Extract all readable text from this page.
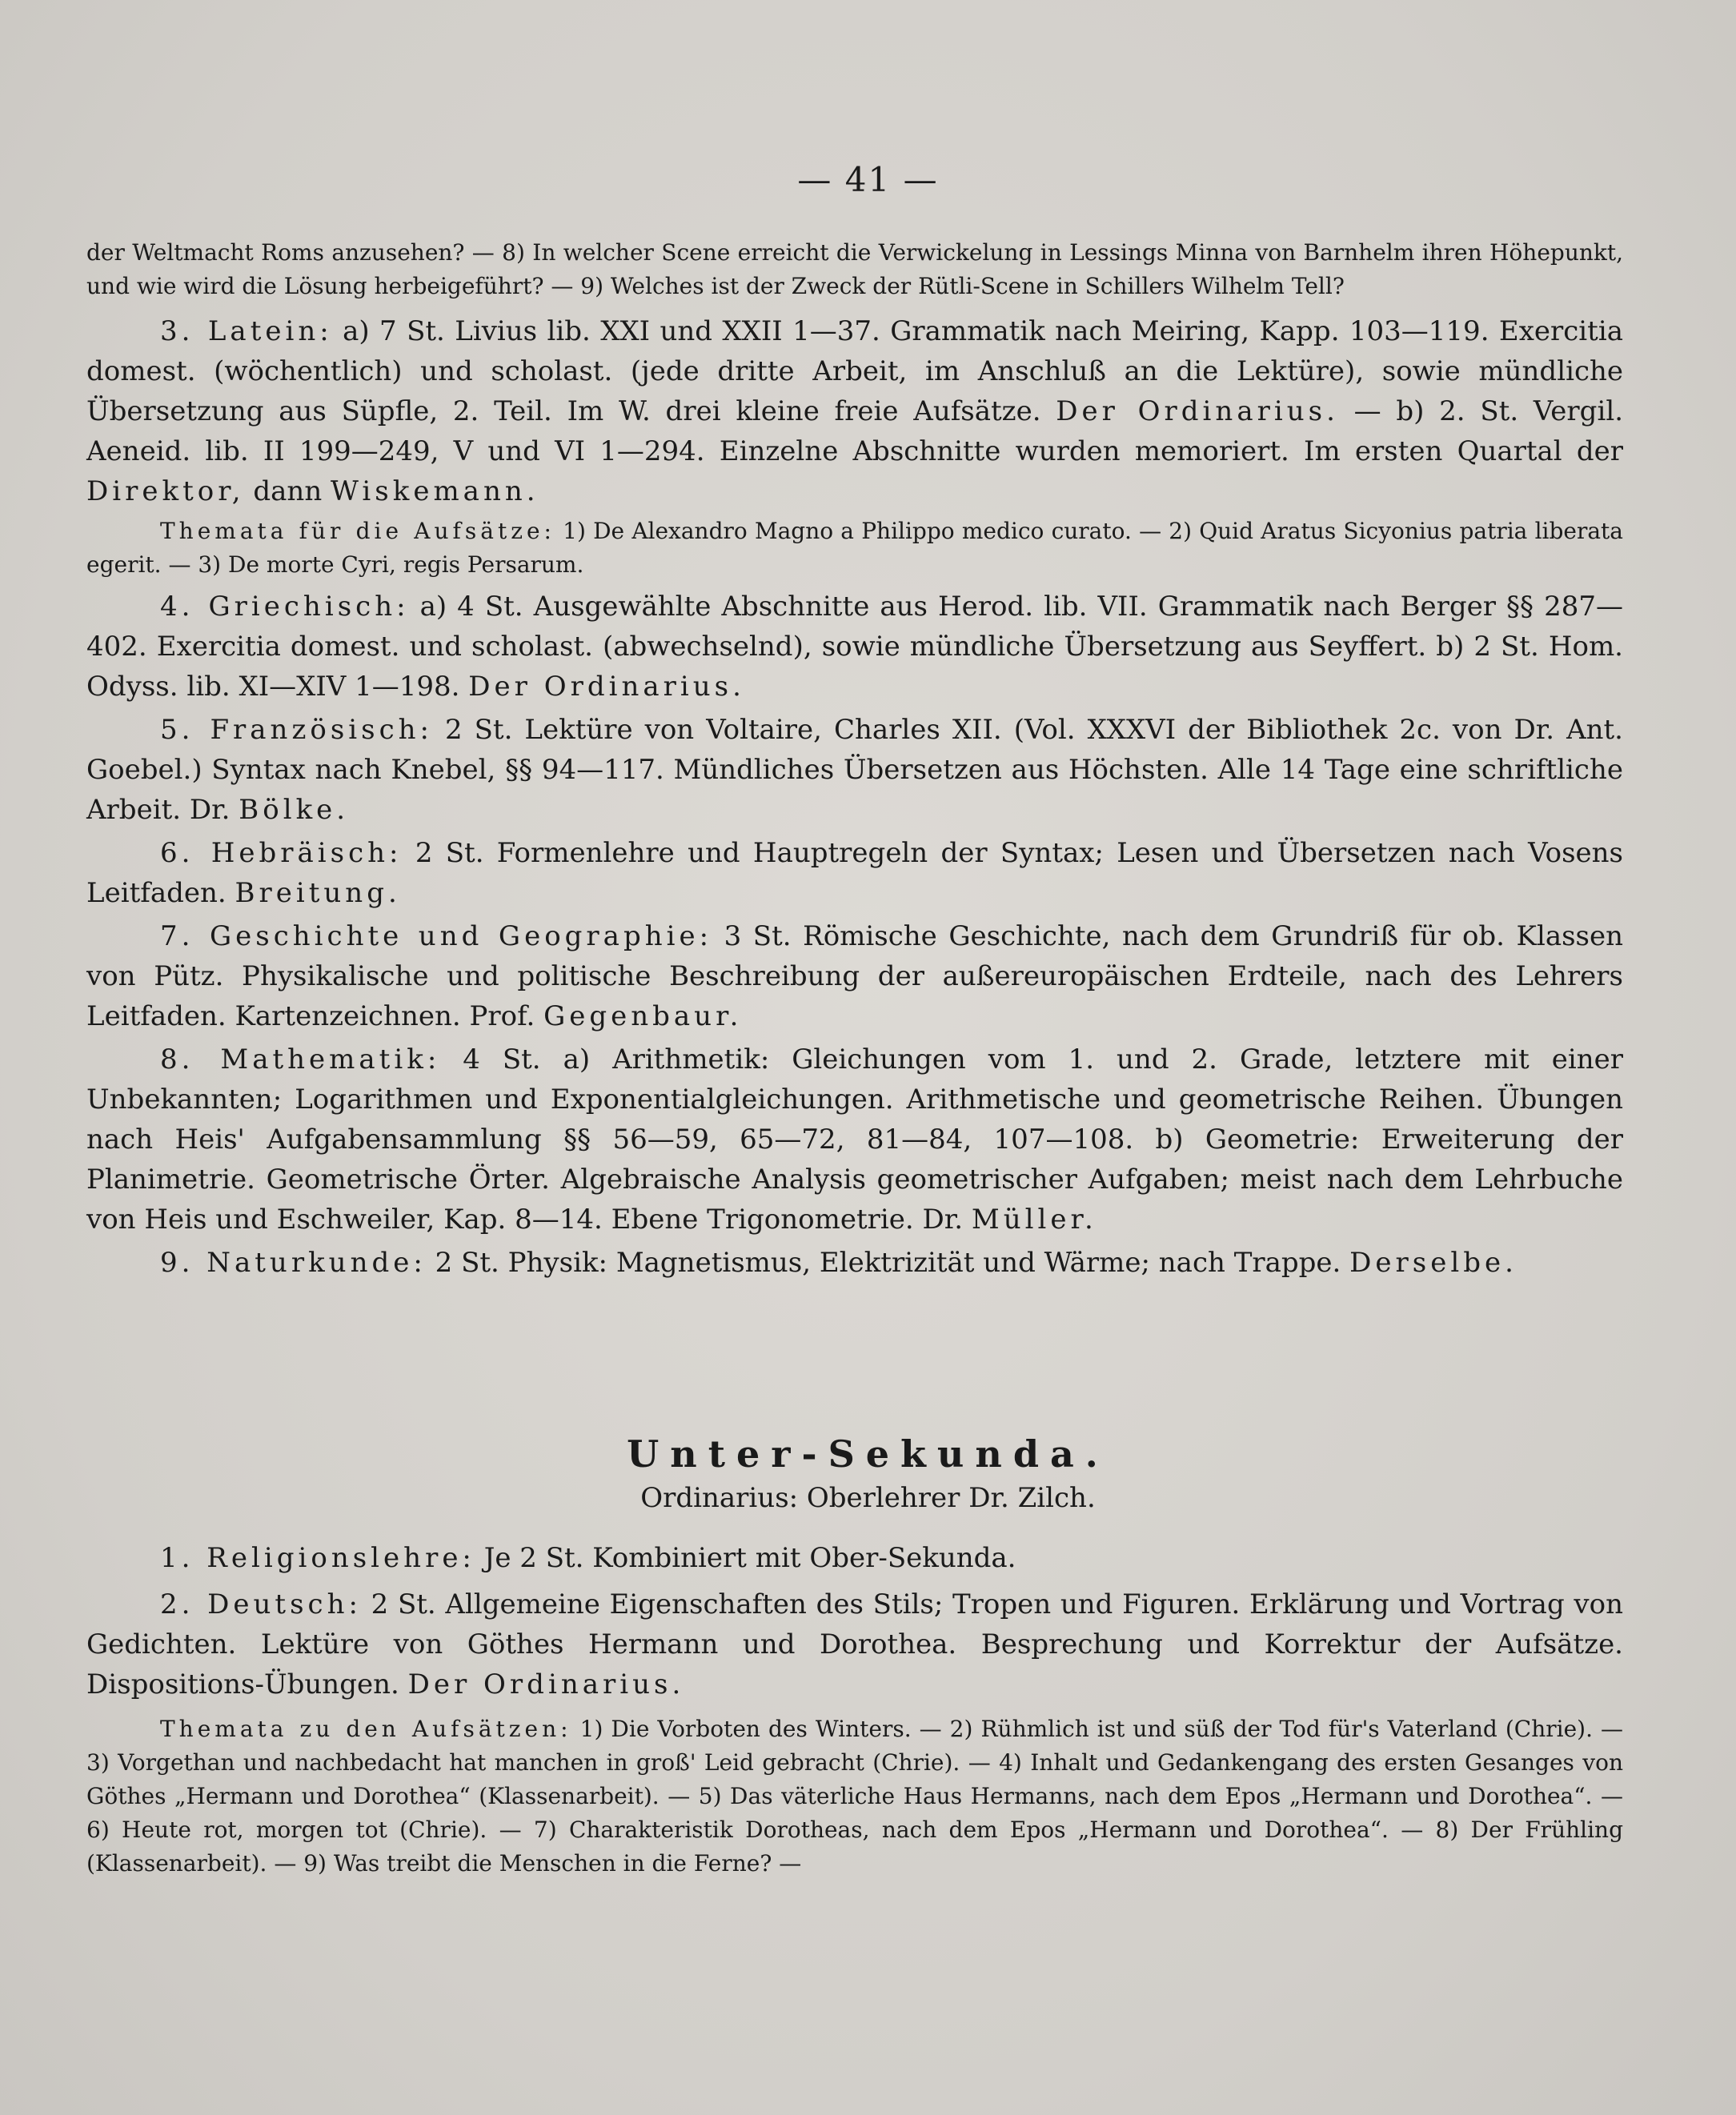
— 41 —

der Weltmacht Roms anzusehen? — 8) In welcher Scene erreicht die Verwickelung in Lessings Minna von Barnhelm ihren Höhepunkt, und wie wird die Lösung herbeigeführt? — 9) Welches ist der Zweck der Rütli-Scene in Schillers Wilhelm Tell?

3. Latein: a) 7 St. Livius lib. XXI und XXII 1—37. Grammatik nach Meiring, Kapp. 103—119. Exercitia domest. (wöchentlich) und scholast. (jede dritte Arbeit, im Anschluß an die Lektüre), sowie mündliche Übersetzung aus Süpfle, 2. Teil. Im W. drei kleine freie Aufsätze. Der Ordinarius. — b) 2. St. Vergil. Aeneid. lib. II 199—249, V und VI 1—294. Einzelne Abschnitte wurden memoriert. Im ersten Quartal der Direktor, dann Wiskemann.

Themata für die Aufsätze: 1) De Alexandro Magno a Philippo medico curato. — 2) Quid Aratus Sicyonius patria liberata egerit. — 3) De morte Cyri, regis Persarum.

4. Griechisch: a) 4 St. Ausgewählte Abschnitte aus Herod. lib. VII. Grammatik nach Berger §§ 287—402. Exercitia domest. und scholast. (abwechselnd), sowie mündliche Übersetzung aus Seyffert. b) 2 St. Hom. Odyss. lib. XI—XIV 1—198. Der Ordinarius.

5. Französisch: 2 St. Lektüre von Voltaire, Charles XII. (Vol. XXXVI der Bibliothek 2c. von Dr. Ant. Goebel.) Syntax nach Knebel, §§ 94—117. Mündliches Übersetzen aus Höchsten. Alle 14 Tage eine schriftliche Arbeit. Dr. Bölke.

6. Hebräisch: 2 St. Formenlehre und Hauptregeln der Syntax; Lesen und Übersetzen nach Vosens Leitfaden. Breitung.

7. Geschichte und Geographie: 3 St. Römische Geschichte, nach dem Grundriß für ob. Klassen von Pütz. Physikalische und politische Beschreibung der außereuropäischen Erdteile, nach des Lehrers Leitfaden. Kartenzeichnen. Prof. Gegenbaur.

8. Mathematik: 4 St. a) Arithmetik: Gleichungen vom 1. und 2. Grade, letztere mit einer Unbekannten; Logarithmen und Exponentialgleichungen. Arithmetische und geometrische Reihen. Übungen nach Heis' Aufgabensammlung §§ 56—59, 65—72, 81—84, 107—108. b) Geometrie: Erweiterung der Planimetrie. Geometrische Örter. Algebraische Analysis geometrischer Aufgaben; meist nach dem Lehrbuche von Heis und Eschweiler, Kap. 8—14. Ebene Trigonometrie. Dr. Müller.

9. Naturkunde: 2 St. Physik: Magnetismus, Elektrizität und Wärme; nach Trappe. Derselbe.

Unter-Sekunda.
Ordinarius: Oberlehrer Dr. Zilch.

1. Religionslehre: Je 2 St. Kombiniert mit Ober-Sekunda.

2. Deutsch: 2 St. Allgemeine Eigenschaften des Stils; Tropen und Figuren. Erklärung und Vortrag von Gedichten. Lektüre von Göthes Hermann und Dorothea. Besprechung und Korrektur der Aufsätze. Dispositions-Übungen. Der Ordinarius.

Themata zu den Aufsätzen: 1) Die Vorboten des Winters. — 2) Rühmlich ist und süß der Tod für's Vaterland (Chrie). — 3) Vorgethan und nachbedacht hat manchen in groß' Leid gebracht (Chrie). — 4) Inhalt und Gedankengang des ersten Gesanges von Göthes „Hermann und Dorothea“ (Klassenarbeit). — 5) Das väterliche Haus Hermanns, nach dem Epos „Hermann und Dorothea“. — 6) Heute rot, morgen tot (Chrie). — 7) Charakteristik Dorotheas, nach dem Epos „Hermann und Dorothea“. — 8) Der Frühling (Klassenarbeit). — 9) Was treibt die Menschen in die Ferne? —
